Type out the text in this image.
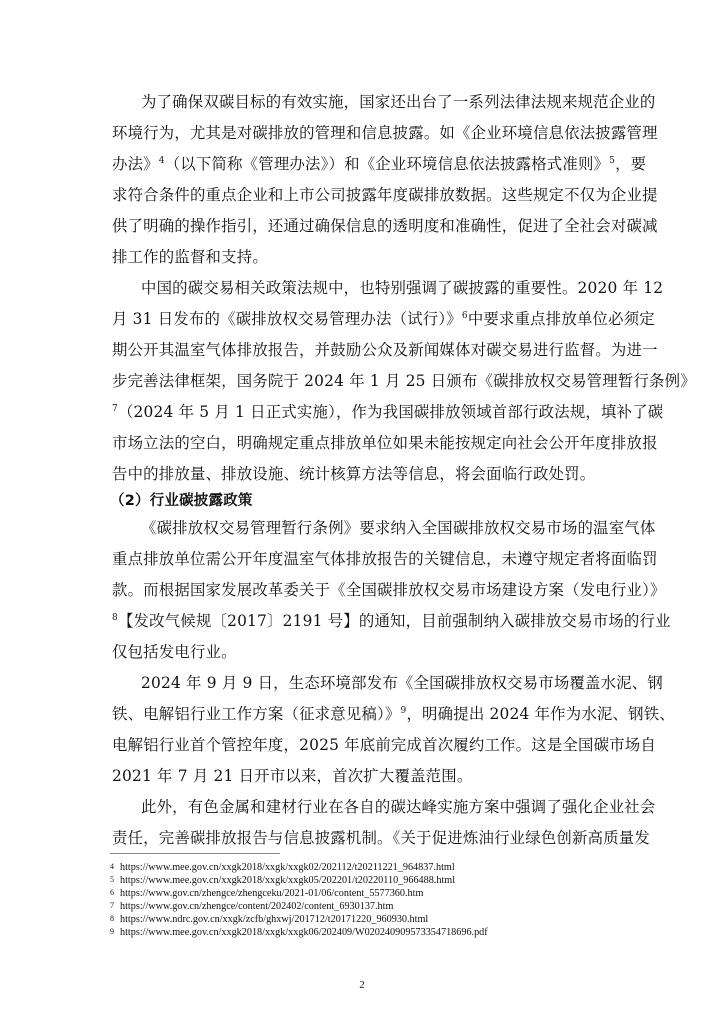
为了确保双碳目标的有效实施，国家还出台了一系列法律法规来规范企业的
环境行为，尤其是对碳排放的管理和信息披露。如《企业环境信息依法披露管理
办法》$^4$（以下简称《管理办法》）和《企业环境信息依法披露格式准则》$^5$，要
求符合条件的重点企业和上市公司披露年度碳排放数据。这些规定不仅为企业提
供了明确的操作指引，还通过确保信息的透明度和准确性，促进了全社会对碳减
排工作的监督和支持。
中国的碳交易相关政策法规中，也特别强调了碳披露的重要性。2020 年 12
月 31 日发布的《碳排放权交易管理办法（试行）》$^6$中要求重点排放单位必须定
期公开其温室气体排放报告，并鼓励公众及新闻媒体对碳交易进行监督。为进一
步完善法律框架，国务院于 2024 年 1 月 25 日颁布《碳排放权交易管理暂行条例》
$^7$（2024 年 5 月 1 日正式实施），作为我国碳排放领域首部行政法规，填补了碳
市场立法的空白，明确规定重点排放单位如果未能按规定向社会公开年度排放报
告中的排放量、排放设施、统计核算方法等信息，将会面临行政处罚。
（2）行业碳披露政策
《碳排放权交易管理暂行条例》要求纳入全国碳排放权交易市场的温室气体
重点排放单位需公开年度温室气体排放报告的关键信息，未遵守规定者将面临罚
款。而根据国家发展改革委关于《全国碳排放权交易市场建设方案（发电行业）》
$^8$【发改气候规〔2017〕2191 号】的通知，目前强制纳入碳排放交易市场的行业
仅包括发电行业。
2024 年 9 月 9 日，生态环境部发布《全国碳排放权交易市场覆盖水泥、钢
铁、电解铝行业工作方案（征求意见稿）》$^9$，明确提出 2024 年作为水泥、钢铁、
电解铝行业首个管控年度，2025 年底前完成首次履约工作。这是全国碳市场自
2021 年 7 月 21 日开市以来，首次扩大覆盖范围。
此外，有色金属和建材行业在各自的碳达峰实施方案中强调了强化企业社会
责任，完善碳排放报告与信息披露机制。《关于促进炼油行业绿色创新高质量发
4 https://www.mee.gov.cn/xxgk2018/xxgk/xxgk02/202112/t20211221_964837.html
5 https://www.mee.gov.cn/xxgk2018/xxgk/xxgk05/202201/t20220110_966488.html
6 https://www.gov.cn/zhengce/zhengceku/2021-01/06/content_5577360.htm
7 https://www.gov.cn/zhengce/content/202402/content_6930137.htm
8 https://www.ndrc.gov.cn/xxgk/zcfb/ghxwj/201712/t20171220_960930.html
9 https://www.mee.gov.cn/xxgk2018/xxgk/xxgk06/202409/W020240909573354718696.pdf
2
